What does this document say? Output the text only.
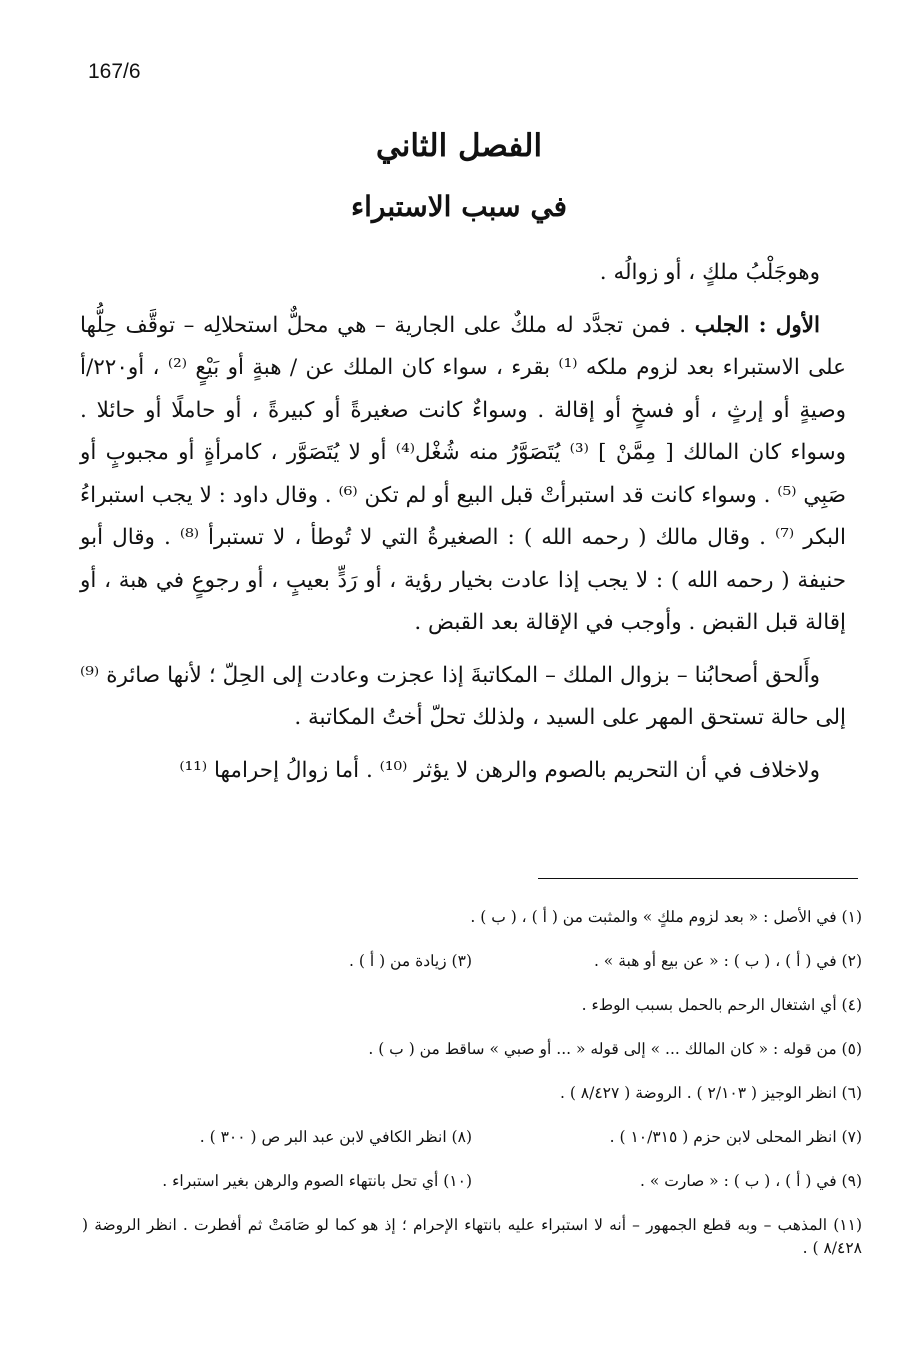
167/6
الفصل الثاني
في سبب الاستبراء

وهوجَلْبُ ملكٍ ، أو زوالُه .

الأول : الجلب . فمن تجدَّد له ملكٌ على الجارية – هي محلٌّ استحلالِه – توقَّف حِلُّها على الاستبراء بعد لزوم ملكه ⁽¹⁾ بقرء ، سواء كان الملك عن / هبةٍ أو بَيْعٍ ⁽²⁾ ، أو٢٢٠/أ وصيةٍ أو إرثٍ ، أو فسخٍ أو إقالة . وسواءٌ كانت صغيرةً أو كبيرةً ، أو حاملًا أو حائلا . وسواء كان المالك [ مِمَّنْ ] ⁽³⁾ يُتَصَوَّرُ منه شُغْل⁽⁴⁾ أو لا يُتَصَوَّر ، كامرأةٍ أو مجبوبٍ أو صَبِي ⁽⁵⁾ . وسواء كانت قد استبرأتْ قبل البيع أو لم تكن ⁽⁶⁾ . وقال داود : لا يجب استبراءُ البكر ⁽⁷⁾ . وقال مالك ( رحمه الله ) : الصغيرةُ التي لا تُوطأ ، لا تستبرأ ⁽⁸⁾ . وقال أبو حنيفة ( رحمه الله ) : لا يجب إذا عادت بخيار رؤية ، أو رَدٍّ بعيبٍ ، أو رجوعٍ في هبة ، أو إقالة قبل القبض . وأوجب في الإقالة بعد القبض .

وأَلحق أصحابُنا – بزوال الملك – المكاتبةَ إذا عجزت وعادت إلى الحِلّ ؛ لأنها صائرة ⁽⁹⁾ إلى حالة تستحق المهر على السيد ، ولذلك تحلّ أختُ المكاتبة .

ولاخلاف في أن التحريم بالصوم والرهن لا يؤثر ⁽¹⁰⁾ . أما زوالُ إحرامها ⁽¹¹⁾

(١) في الأصل : « بعد لزوم ملكٍ » والمثبت من ( أ ) ، ( ب ) .
(٢) في ( أ ) ، ( ب ) : « عن بيع أو هبة » .
(٣) زيادة من ( أ ) .
(٤) أي اشتغال الرحم بالحمل بسبب الوطء .
(٥) من قوله : « كان المالك ... » إلى قوله « ... أو صبي » ساقط من ( ب ) .
(٦) انظر الوجيز ( ٢/١٠٣ ) . الروضة ( ٨/٤٢٧ ) .
(٧) انظر المحلى لابن حزم ( ١٠/٣١٥ ) .
(٨) انظر الكافي لابن عبد البر ص ( ٣٠٠ ) .
(٩) في ( أ ) ، ( ب ) : « صارت » .
(١٠) أي تحل بانتهاء الصوم والرهن بغير استبراء .
(١١) المذهب – وبه قطع الجمهور – أنه لا استبراء عليه بانتهاء الإحرام ؛ إذ هو كما لو صَامَتْ ثم أفطرت . انظر الروضة ( ٨/٤٢٨ ) .
